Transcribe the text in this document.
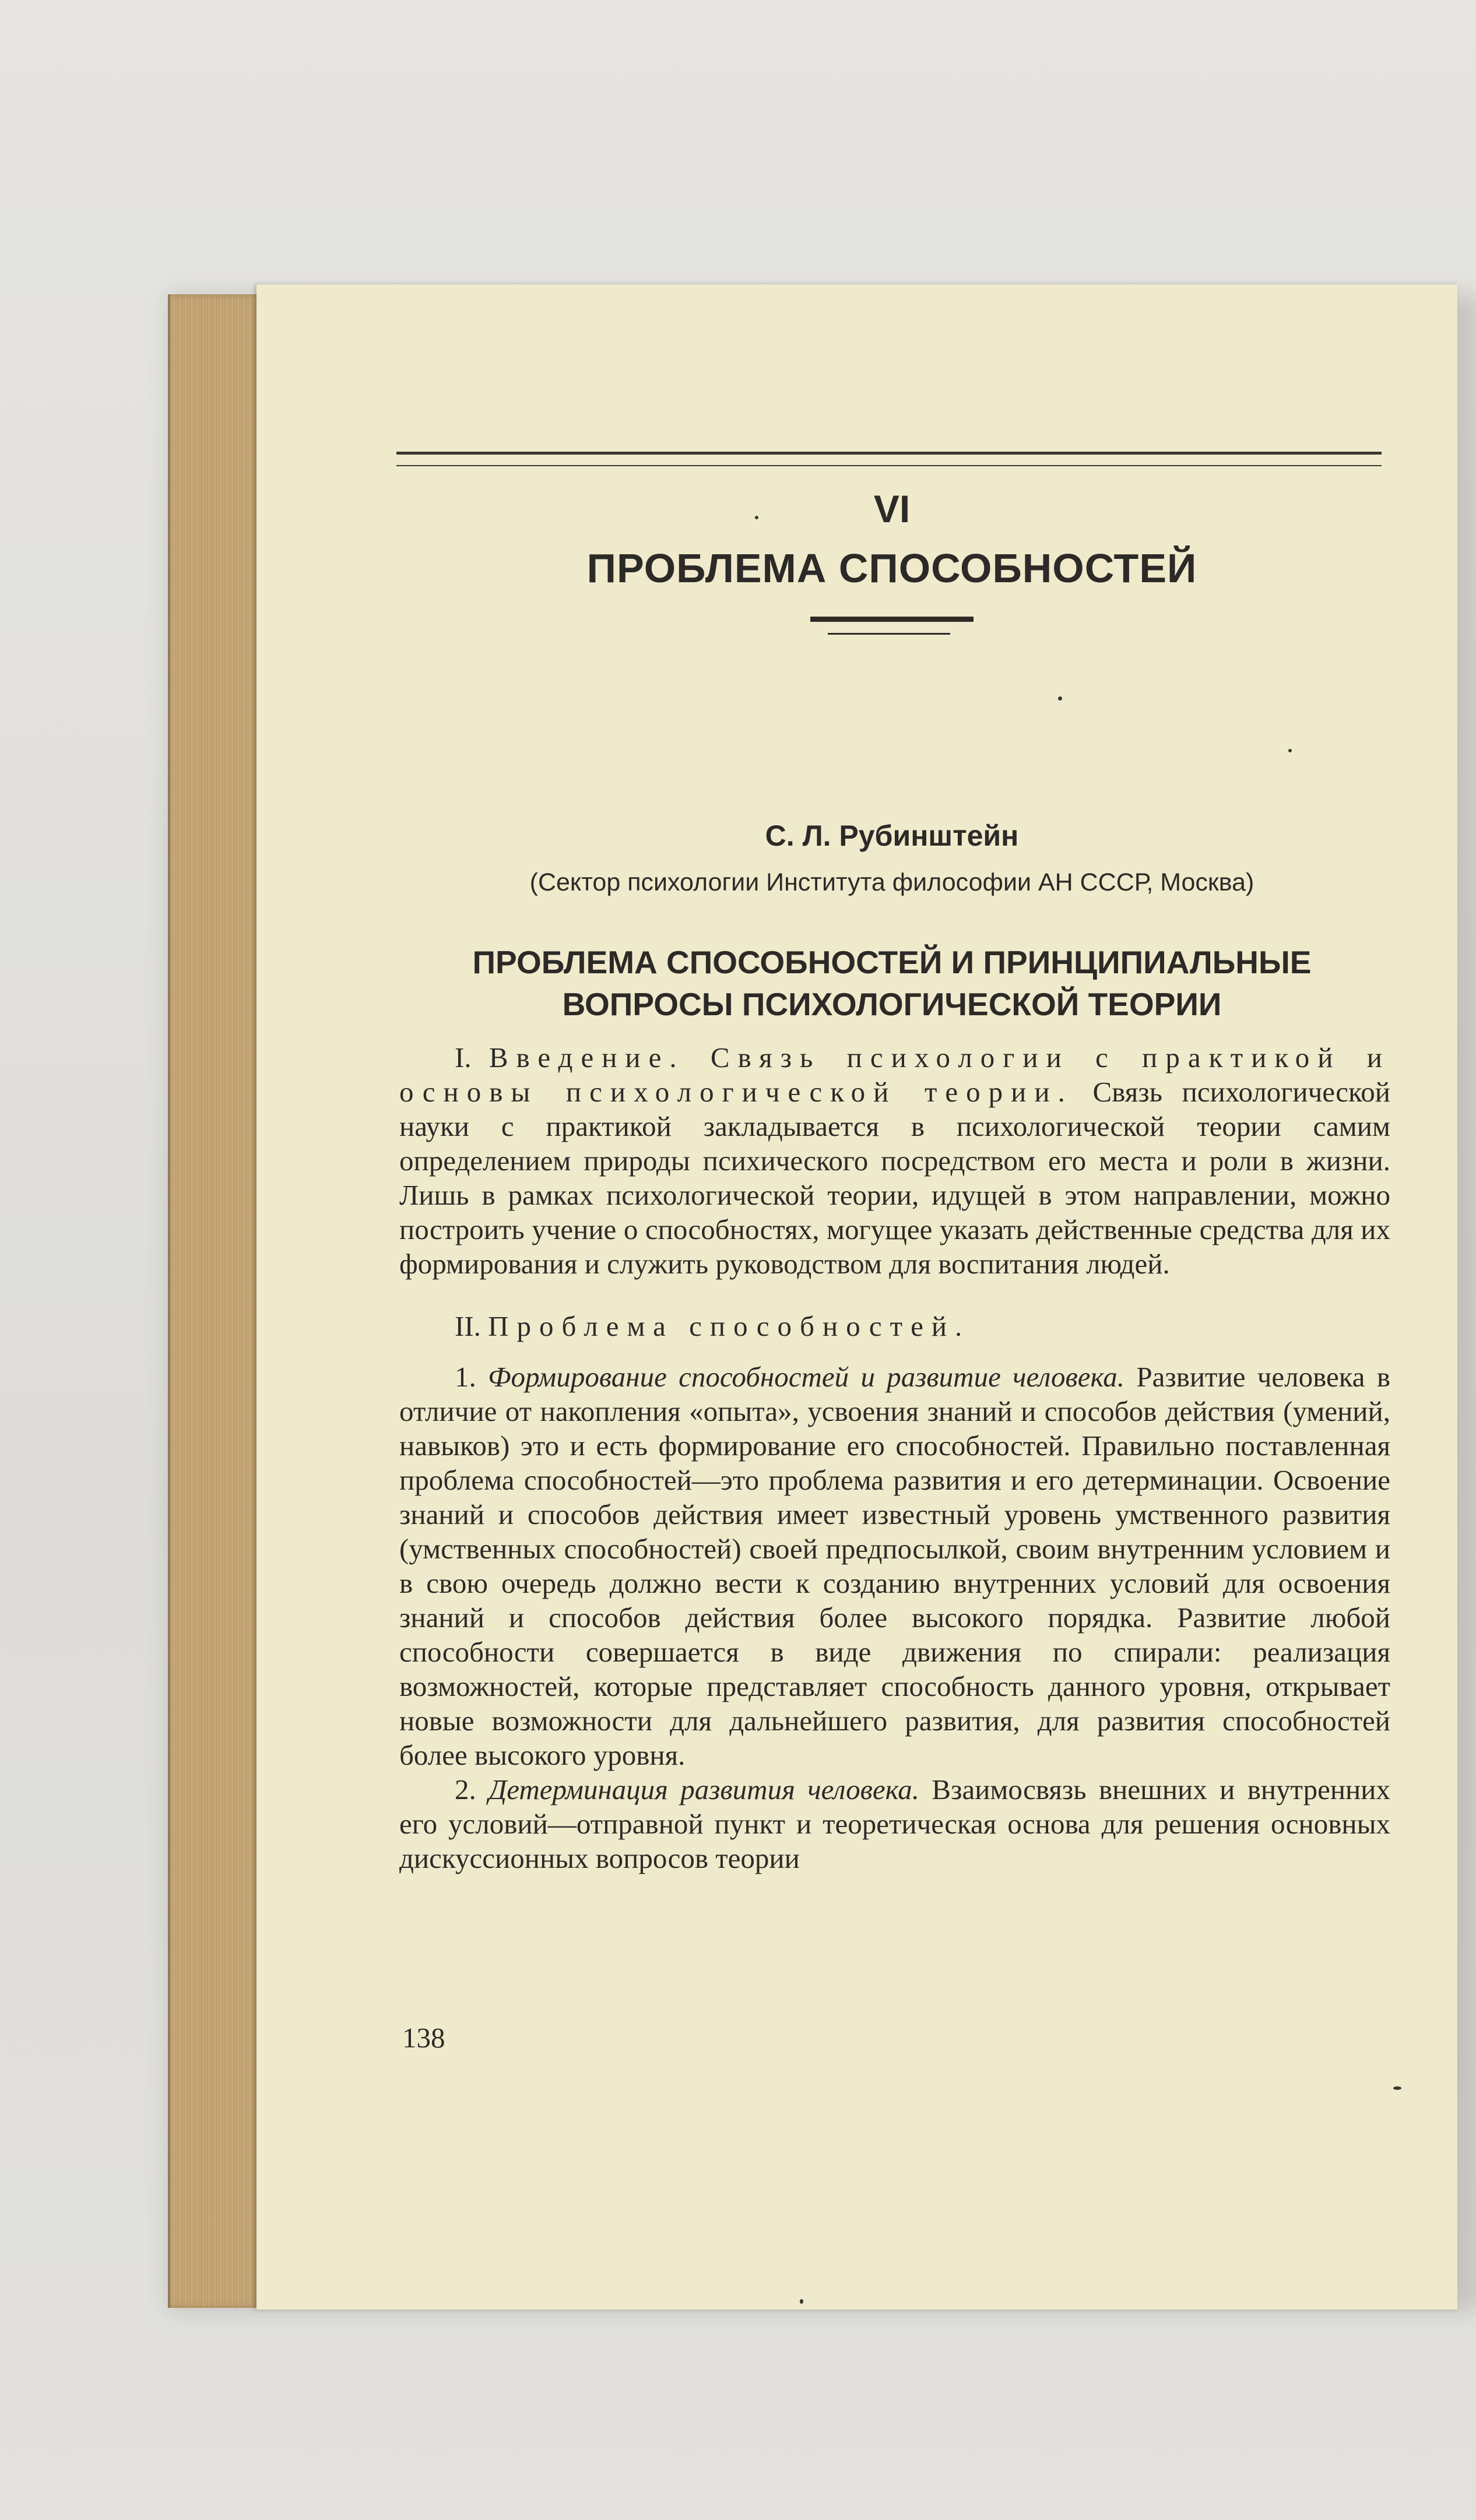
VI
ПРОБЛЕМА СПОСОБНОСТЕЙ
С. Л. Рубинштейн
(Сектор психологии Института философии АН СССР, Москва)
ПРОБЛЕМА СПОСОБНОСТЕЙ И ПРИНЦИПИАЛЬНЫЕ
ВОПРОСЫ ПСИХОЛОГИЧЕСКОЙ ТЕОРИИ

I. Введение. Связь психологии с практикой и основы психологической теории. Связь психологической науки с практикой закладывается в психологической теории самим определением природы психического посредством его места и роли в жизни. Лишь в рамках психологической теории, идущей в этом направлении, можно построить учение о способностях, могущее указать действенные средства для их формирования и служить руководством для воспитания людей.

II. Проблема способностей.

1. Формирование способностей и развитие человека. Развитие человека в отличие от накопления «опыта», усвоения знаний и способов действия (умений, навыков) это и есть формирование его способностей. Правильно поставленная проблема способностей—это проблема развития и его детерминации. Освоение знаний и способов действия имеет известный уровень умственного развития (умственных способностей) своей предпосылкой, своим внутренним условием и в свою очередь должно вести к созданию внутренних условий для освоения знаний и способов действия более высокого порядка. Развитие любой способности совершается в виде движения по спирали: реализация возможностей, которые представляет способность данного уровня, открывает новые возможности для дальнейшего развития, для развития способностей более высокого уровня.

2. Детерминация развития человека. Взаимосвязь внешних и внутренних его условий—отправной пункт и теоретическая основа для решения основных дискуссионных вопросов теории

138
